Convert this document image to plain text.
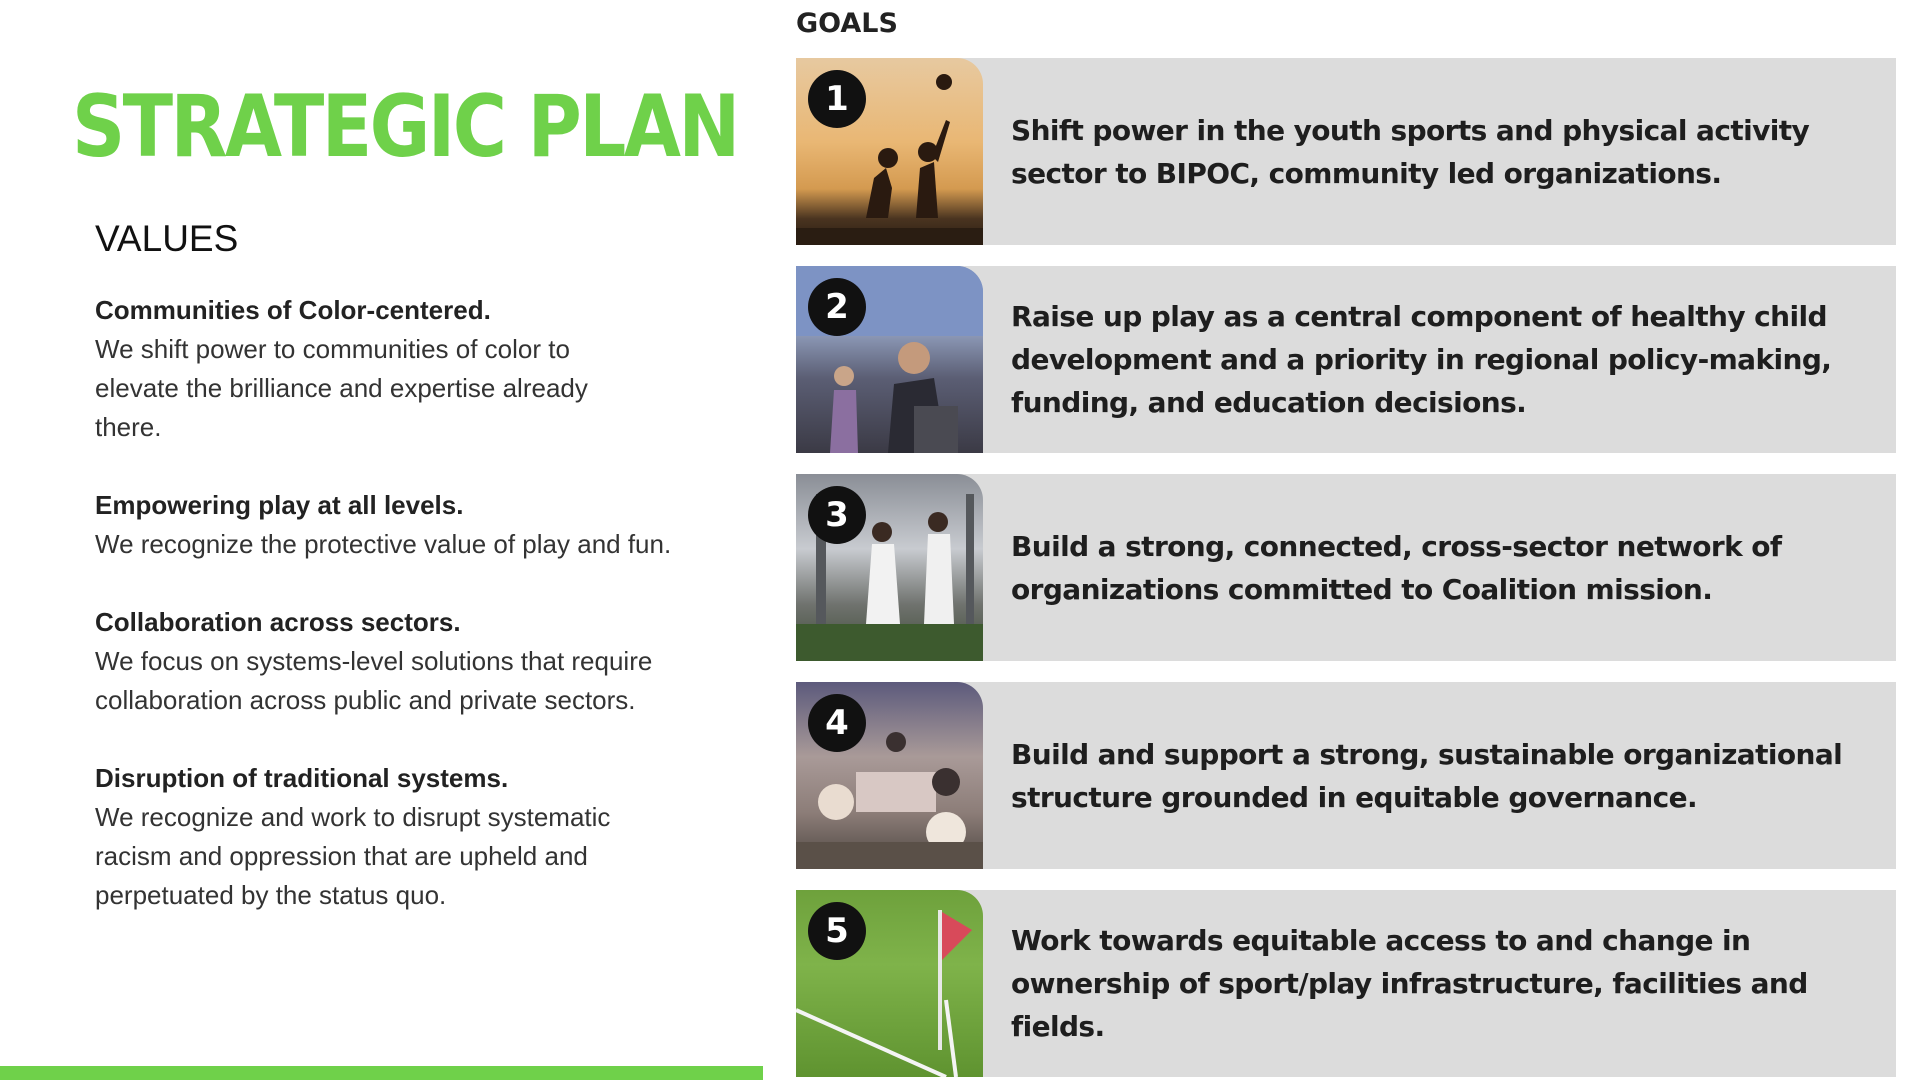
STRATEGIC PLAN
VALUES
Communities of Color-centered.
We shift power to communities of color to elevate the brilliance and expertise already there.
Empowering play at all levels.
We recognize the protective value of play and fun.
Collaboration across sectors.
We focus on systems-level solutions that require collaboration across public and private sectors.
Disruption of traditional systems.
We recognize and work to disrupt systematic racism and oppression that are upheld and perpetuated by the status quo.
GOALS
1
Shift power in the youth sports and physical activity sector to BIPOC, community led organizations.
2	Raise up play as a central component of healthy child development and a priority in regional policy-making, funding, and education decisions.
3
Build a strong, connected, cross-sector network of organizations committed to Coalition mission.
4
Build and support a strong, sustainable organizational structure grounded in equitable governance.
5	Work towards equitable access to and change in ownership of sport/play infrastructure, facilities and fields.
